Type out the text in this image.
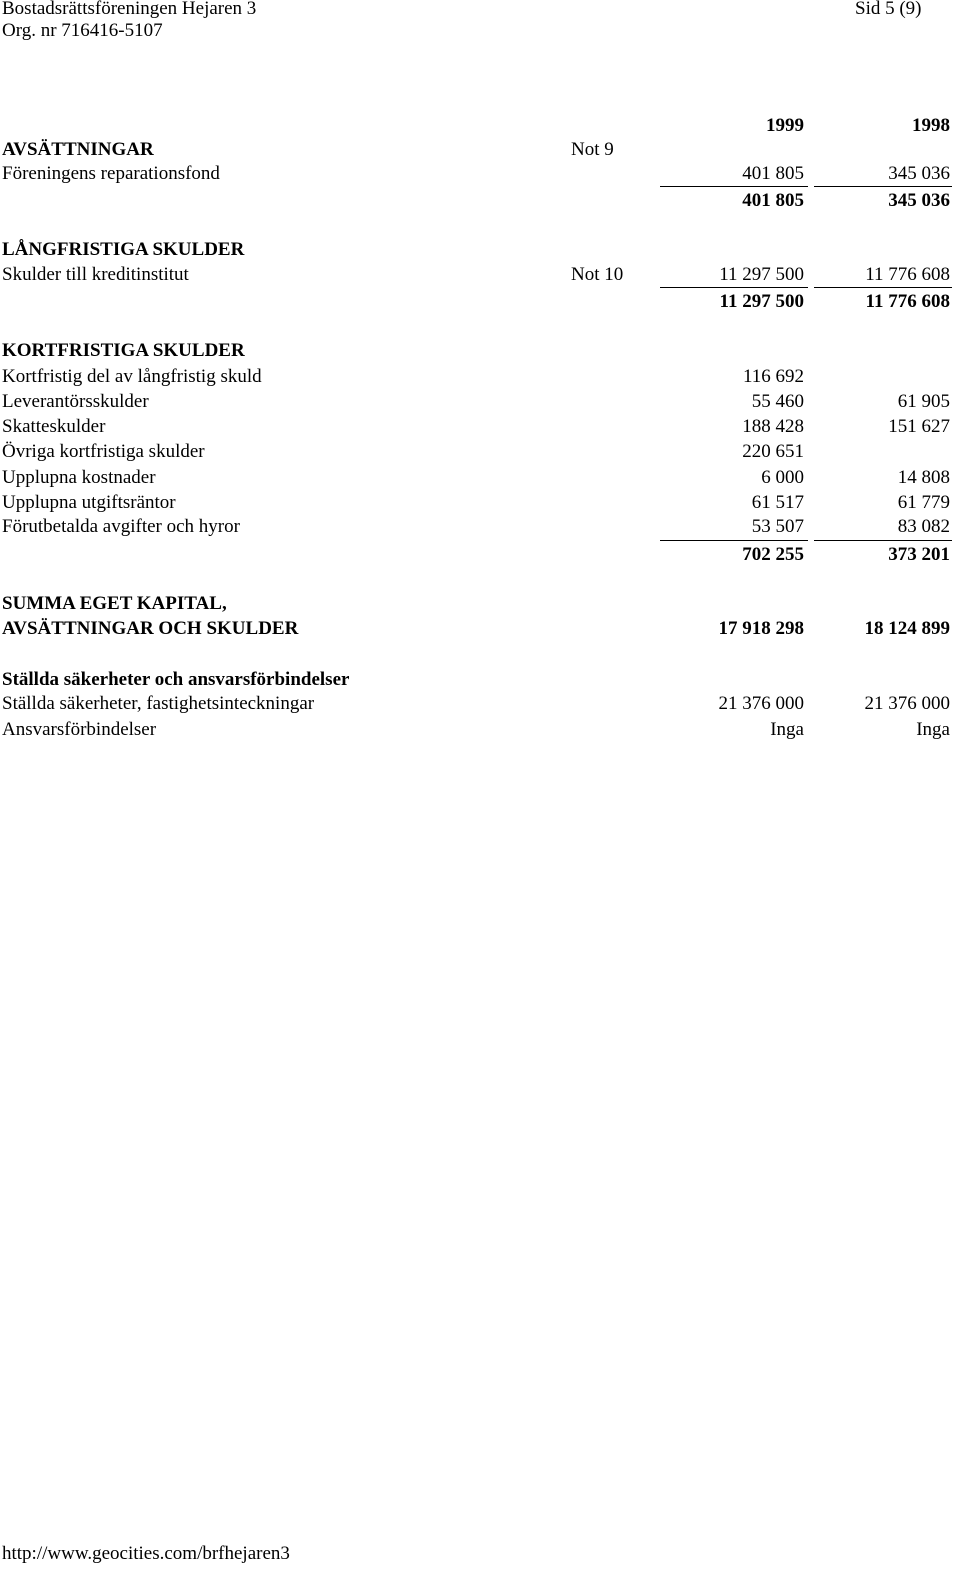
Bostadsrättsföreningen Hejaren 3
Org. nr 716416-5107
Sid 5 (9)
1999	1998
AVSÄTTNINGAR	Not 9
Föreningens reparationsfond	401 805	345 036
401 805	345 036
LÅNGFRISTIGA SKULDER
Skulder till kreditinstitut	Not 10	11 297 500	11 776 608
11 297 500	11 776 608
KORTFRISTIGA SKULDER
Kortfristig del av långfristig skuld	116 692
Leverantörsskulder	55 460	61 905
Skatteskulder	188 428	151 627
Övriga kortfristiga skulder	220 651
Upplupna kostnader	6 000	14 808
Upplupna utgiftsräntor	61 517	61 779
Förutbetalda avgifter och hyror	53 507	83 082
702 255	373 201
SUMMA EGET KAPITAL,
AVSÄTTNINGAR OCH SKULDER	17 918 298	18 124 899
Ställda säkerheter och ansvarsförbindelser
Ställda säkerheter, fastighetsinteckningar	21 376 000	21 376 000
Ansvarsförbindelser	Inga	Inga
http://www.geocities.com/brfhejaren3
